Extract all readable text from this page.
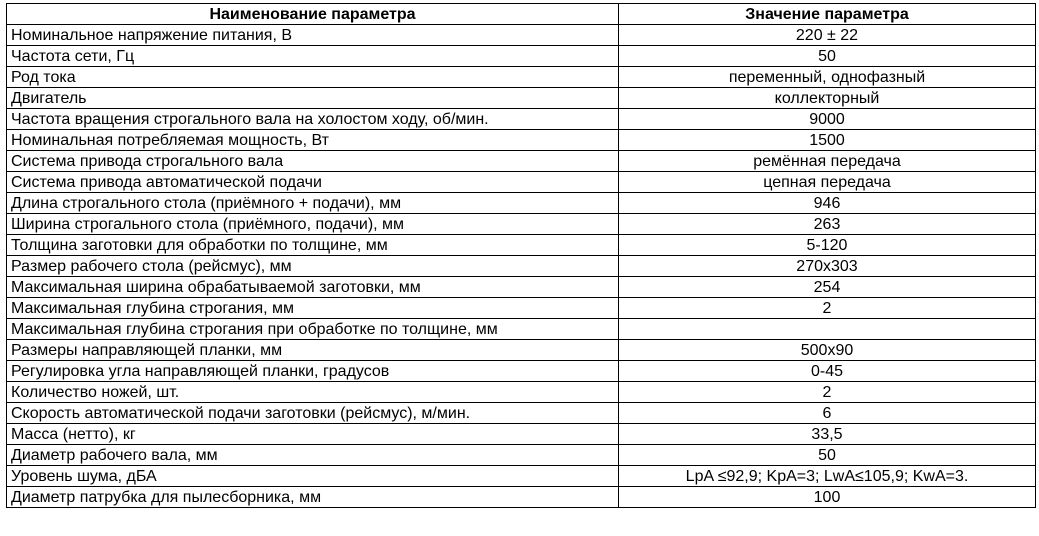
Наименование параметра	Значение параметра
Номинальное напряжение питания, В	220 ± 22
Частота сети, Гц	50
Род тока	переменный, однофазный
Двигатель	коллекторный
Частота вращения строгального вала на холостом ходу, об/мин.	9000
Номинальная потребляемая мощность, Вт	1500
Система привода строгального вала	ремённая передача
Система привода автоматической подачи	цепная передача
Длина строгального стола (приёмного + подачи), мм	946
Ширина строгального стола (приёмного, подачи), мм	263
Толщина заготовки для обработки по толщине, мм	5-120
Размер рабочего стола (рейсмус), мм	270x303
Максимальная ширина обрабатываемой заготовки, мм	254
Максимальная глубина строгания, мм	2
Максимальная глубина строгания при обработке по толщине, мм	
Размеры направляющей планки, мм	500x90
Регулировка угла направляющей планки, градусов	0-45
Количество ножей, шт.	2
Скорость автоматической подачи заготовки (рейсмус), м/мин.	6
Масса (нетто), кг	33,5
Диаметр рабочего вала, мм	50
Уровень шума, дБА	LpA ≤92,9; KpA=3; LwA≤105,9; KwA=3.
Диаметр патрубка для пылесборника, мм	100
